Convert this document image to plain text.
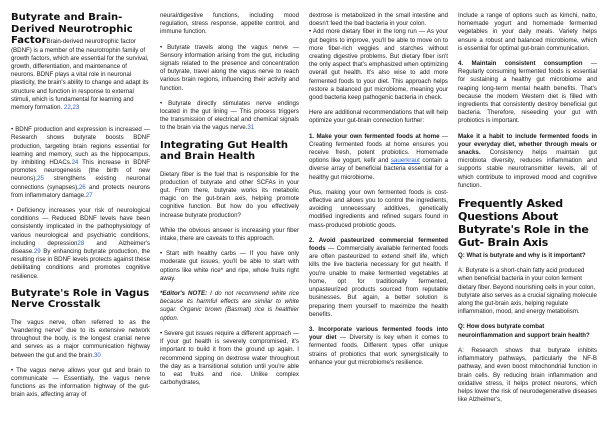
Butyrate and Brain-Derived Neurotrophic FactorBrain-derived neurotrophic factor (BDNF) is a member of the neurotrophin family of growth factors, which are essential for the survival, growth, differentiation, and maintenance of neurons. BDNF plays a vital role in neuronal plasticity, the brain's ability to change and adapt its structure and function in response to external stimuli, which is fundamental for learning and memory formation. 22,23

• BDNF production and expression is increased — Research shows butyrate boosts BDNF production, targeting brain regions essential for learning and memory, such as the hippocampus, by inhibiting HDACs.24 This increase in BDNF promotes neurogenesis (the birth of new neurons),25 strengthens existing neuronal connections (synapses),26 and protects neurons from inflammatory damage.27

• Deficiency increases your risk of neurological conditions — Reduced BDNF levels have been consistently implicated in the pathophysiology of various neurological and psychiatric conditions, including depression28 and Alzheimer's disease.29 By enhancing butyrate production, the resulting rise in BDNF levels protects against these debilitating conditions and promotes cognitive resilience.

Butyrate's Role in Vagus Nerve Crosstalk

The vagus nerve, often referred to as the "wandering nerve" due to its extensive network throughout the body, is the longest cranial nerve and serves as a major communication highway between the gut and the brain.30

• The vagus nerve allows your gut and brain to communicate — Essentially, the vagus nerve functions as the information highway of the gut-brain axis, affecting array of

neural/digestive functions, including mood regulation, stress response, appetite control, and immune function.

• Butyrate travels along the vagus nerve — Sensory information arising from the gut, including signals related to the presence and concentration of butyrate, travel along the vagus nerve to reach various brain regions, influencing their activity and function.

• Butyrate directly stimulates nerve endings located in the gut lining — This process triggers the transmission of electrical and chemical signals to the brain via the vagus nerve.31

Integrating Gut Health and Brain Health

Dietary fiber is the fuel that is responsible for the production of butyrate and other SCFAs in your gut. From there, butyrate works its metabolic magic on the gut-brain axis, helping promote cognitive function. But how do you effectively increase butyrate production?

While the obvious answer is increasing your fiber intake, there are caveats to this approach.

• Start with healthy carbs — If you have only moderate gut issues, you'll be able to start with options like white rice* and ripe, whole fruits right away.

*Editor's NOTE: I do not recommend white rice because its harmful effects are similar to white sugar. Organic brown (Basmati) rice is healthier option.

• Severe gut issues require a different approach — If your gut health is severely compromised, it's important to build it from the ground up again. I recommend sipping on dextrose water throughout the day as a transitional solution until you're able to eat fruits and rice. Unlike complex carbohydrates,

dextrose is metabolized in the small intestine and doesn't feed the bad bacteria in your colon.

• Add more dietary fiber in the long run — As your gut begins to improve, you'll be able to move on to more fiber-rich veggies and starches without creating digestive problems. But dietary fiber isn't the only aspect that's emphasized when optimizing overall gut health. It's also wise to add more fermented foods to your diet. This approach helps restore a balanced gut microbiome, meaning your good bacteria keep pathogenic bacteria in check.

Here are additional recommendations that will help optimize your gut-brain connection further:

1. Make your own fermented foods at home — Creating fermented foods at home ensures you receive fresh, potent probiotics. Homemade options like yogurt, kefir and sauerkraut contain a diverse array of beneficial bacteria essential for a healthy gut microbiome.

Plus, making your own fermented foods is cost-effective and allows you to control the ingredients, avoiding unnecessary additives, genetically modified ingredients and refined sugars found in mass-produced probiotic goods.

2. Avoid pasteurized commercial fermented foods — Commercially available fermented foods are often pasteurized to extend shelf life, which kills the live bacteria necessary for gut health. If you're unable to make fermented vegetables at home, opt for traditionally fermented, unpasteurized products sourced from reputable businesses. But again, a better solution is preparing them yourself to maximize the health benefits.

3. Incorporate various fermented foods into your diet — Diversity is key when it comes to fermented foods. Different types offer unique strains of probiotics that work synergistically to enhance your gut microbiome's resilience.

Include a range of options such as kimchi, natto, homemade yogurt and homemade fermented vegetables in your daily meals. Variety helps ensure a robust and balanced microbiome, which is essential for optimal gut-brain communication.

4. Maintain consistent consumption — Regularly consuming fermented foods is essential for sustaining a healthy gut microbiome and reaping long-term mental health benefits. That's because the modern Western diet is filled with ingredients that consistently destroy beneficial gut bacteria. Therefore, reseeding your gut with probiotics is important.

Make it a habit to include fermented foods in your everyday diet, whether through meals or snacks. Consistency helps maintain gut microbiota diversity, reduces inflammation and supports stable neurotransmitter levels, all of which contribute to improved mood and cognitive function.

Frequently Asked Questions About Butyrate's Role in the Gut- Brain Axis

Q: What is butyrate and why is it important?

A: Butyrate is a short-chain fatty acid produced when beneficial bacteria in your colon ferment dietary fiber. Beyond nourishing cells in your colon, butyrate also serves as a crucial signaling molecule along the gut-brain axis, helping regulate inflammation, mood, and energy metabolism.

Q: How does butyrate combat neuroinflammation and support brain health?

A: Research shows that butyrate inhibits inflammatory pathways, particularly the NF-B pathway, and even boost mitochondrial function in brain cells. By reducing brain inflammation and oxidative stress, it helps protect neurons, which helps lower the risk of neurodegenerative diseases like Alzheimer's,
